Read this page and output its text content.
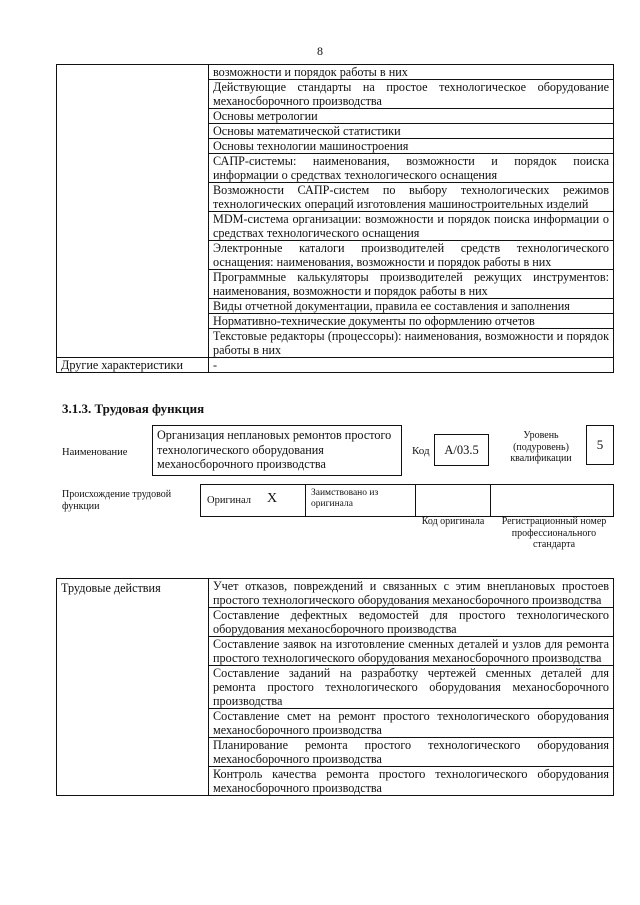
8
	возможности и порядок работы в них
	Действующие стандарты на простое технологическое оборудование механосборочного производства
	Основы метрологии
	Основы математической статистики
	Основы технологии машиностроения
	САПР-системы: наименования, возможности и порядок поиска информации о средствах технологического оснащения
	Возможности САПР-систем по выбору технологических режимов технологических операций изготовления машиностроительных изделий
	MDM-система организации: возможности и порядок поиска информации о средствах технологического оснащения
	Электронные каталоги производителей средств технологического оснащения: наименования, возможности и порядок работы в них
	Программные калькуляторы производителей режущих инструментов: наименования, возможности и порядок работы в них
	Виды отчетной документации, правила ее составления и заполнения
	Нормативно-технические документы по оформлению отчетов
	Текстовые редакторы (процессоры): наименования, возможности и порядок работы в них
Другие характеристики	-
3.1.3. Трудовая функция
Наименование
Организация неплановых ремонтов простого технологического оборудования механосборочного производства
Код	A/03.5
Уровень (подуровень) квалификации
5
Происхождение трудовой функции	Оригинал X	Заимствовано из оригинала
Код оригинала	Регистрационный номер профессионального стандарта
Трудовые действия	Учет отказов, повреждений и связанных с этим внеплановых простоев простого технологического оборудования механосборочного производства
Составление дефектных ведомостей для простого технологического оборудования механосборочного производства
Составление заявок на изготовление сменных деталей и узлов для ремонта простого технологического оборудования механосборочного производства
Составление заданий на разработку чертежей сменных деталей для ремонта простого технологического оборудования механосборочного производства
Составление смет на ремонт простого технологического оборудования механосборочного производства
Планирование ремонта простого технологического оборудования механосборочного производства
Контроль качества ремонта простого технологического оборудования механосборочного производства
